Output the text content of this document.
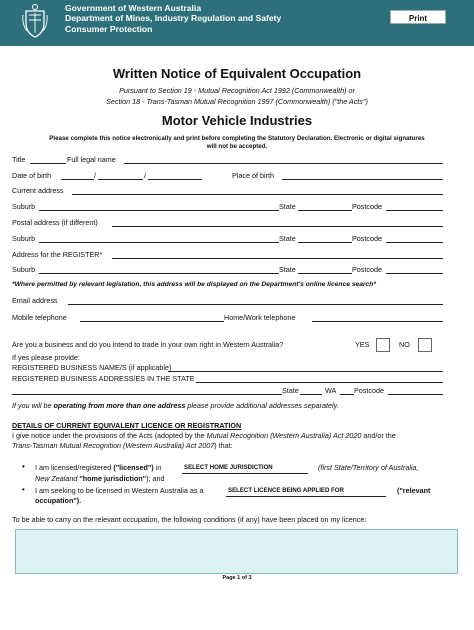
Government of Western Australia
Department of Mines, Industry Regulation and Safety
Consumer Protection
Print
Written Notice of Equivalent Occupation
Pursuant to Section 19 - Mutual Recognition Act 1992 (Commonwealth) or
Section 18 - Trans-Tasman Mutual Recognition 1997 (Commonwealth) ("the Acts")
Motor Vehicle Industries
Please complete this notice electronically and print before completing the Statutory Declaration. Electronic or digital signatures
will not be accepted.
Title	Full legal name
Date of birth	/	/	Place of birth
Current address
Suburb	State	Postcode
Postal address (if different)
Suburb	State	Postcode
Address for the REGISTER*
Suburb	State	Postcode
*Where permitted by relevant legislation, this address will be displayed on the Department's online licence search*
Email address
Mobile telephone	Home/Work telephone
Are you a business and do you intend to trade in your own right in Western Australia?	YES	NO
If yes please provide:
REGISTERED BUSINESS NAME/S (if applicable)
REGISTERED BUSINESS ADDRESS/ES IN THE STATE
State	WA Postcode
If you will be operating from more than one address please provide additional addresses separately.
DETAILS OF CURRENT EQUIVALENT LICENCE OR REGISTRATION
I give notice under the provisions of the Acts (adopted by the Mutual Recognition (Western Australia) Act 2020 and/or the
Trans-Tasman Mutual Recognition (Western Australia) Act 2007) that:
• I am licensed/registered ("licensed") in	SELECT HOME JURISDICTION	(first State/Territory of Australia,
New Zealand "home jurisdiction"); and
• I am seeking to be licensed in Western Australia as a	SELECT LICENCE BEING APPLIED FOR	("relevant
occupation").
To be able to carry on the relevant occupation, the following conditions (if any) have been placed on my licence:
Page 1 of 3
